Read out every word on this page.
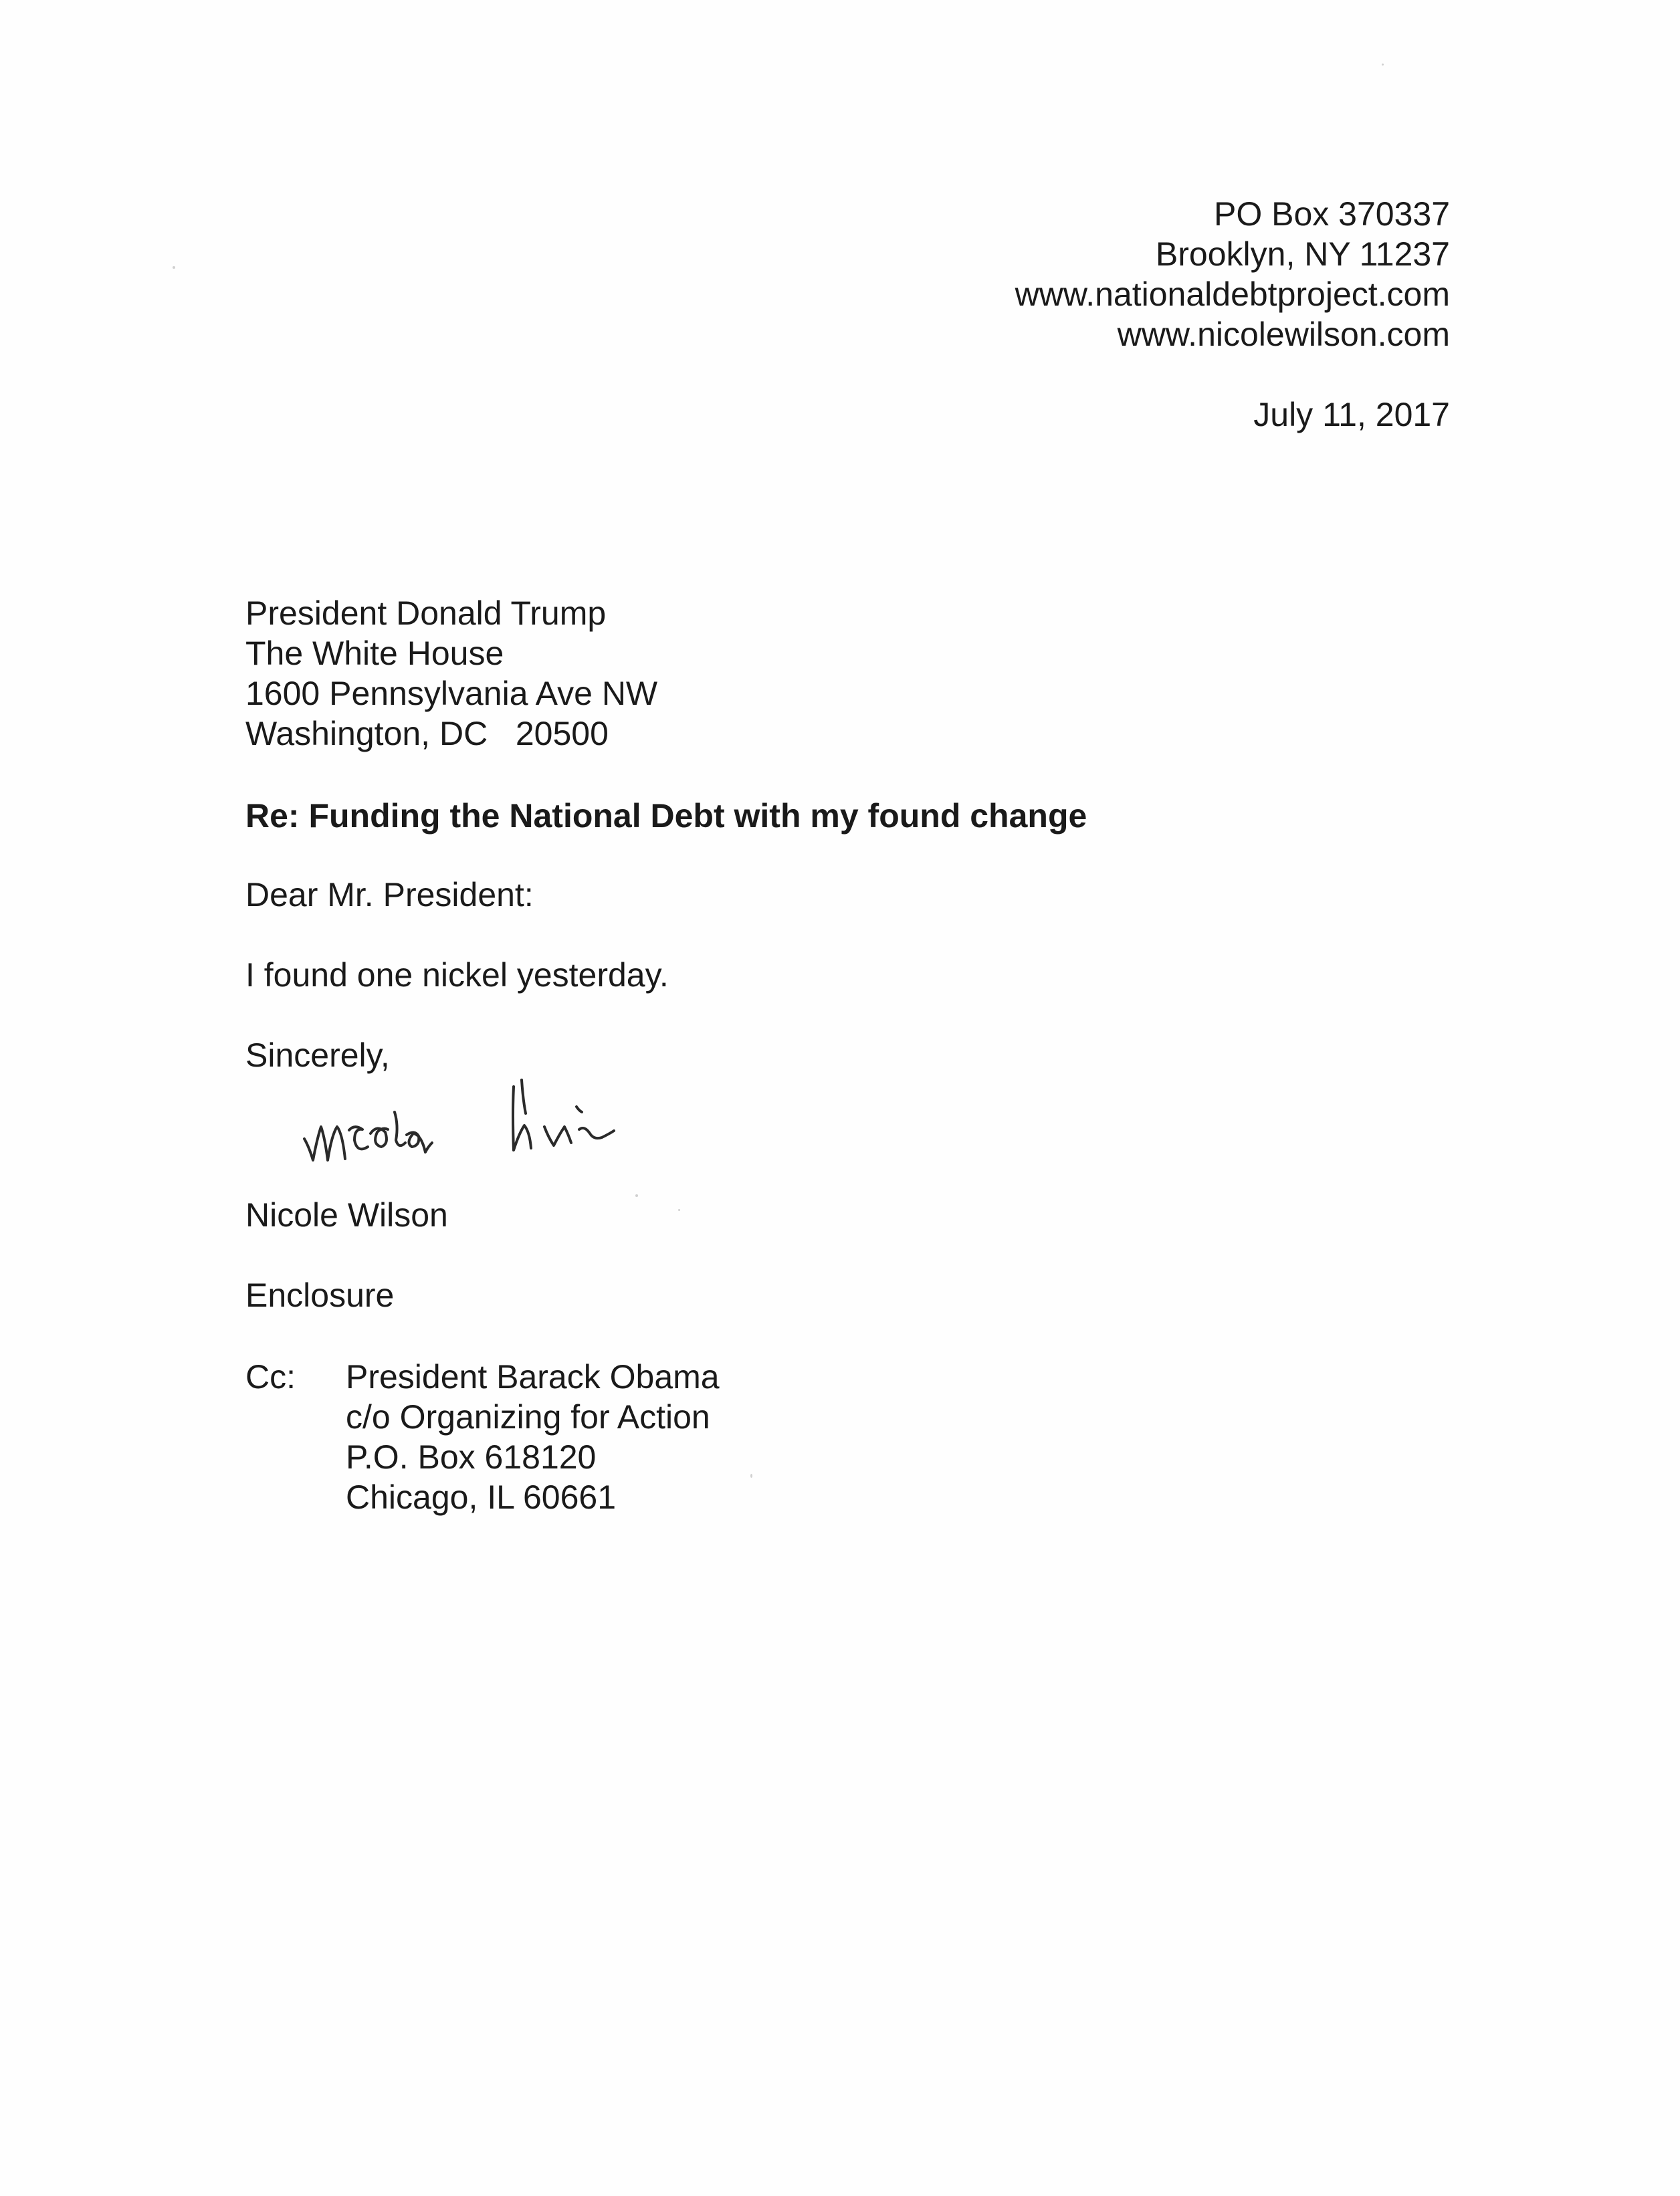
PO Box 370337
Brooklyn, NY 11237
www.nationaldebtproject.com
www.nicolewilson.com
July 11, 2017
President Donald Trump
The White House
1600 Pennsylvania Ave NW
Washington, DC   20500
Re: Funding the National Debt with my found change
Dear Mr. President:
I found one nickel yesterday.
Sincerely,
Nicole Wilson
Enclosure
Cc: President Barack Obama
c/o Organizing for Action
P.O. Box 618120
Chicago, IL 60661
